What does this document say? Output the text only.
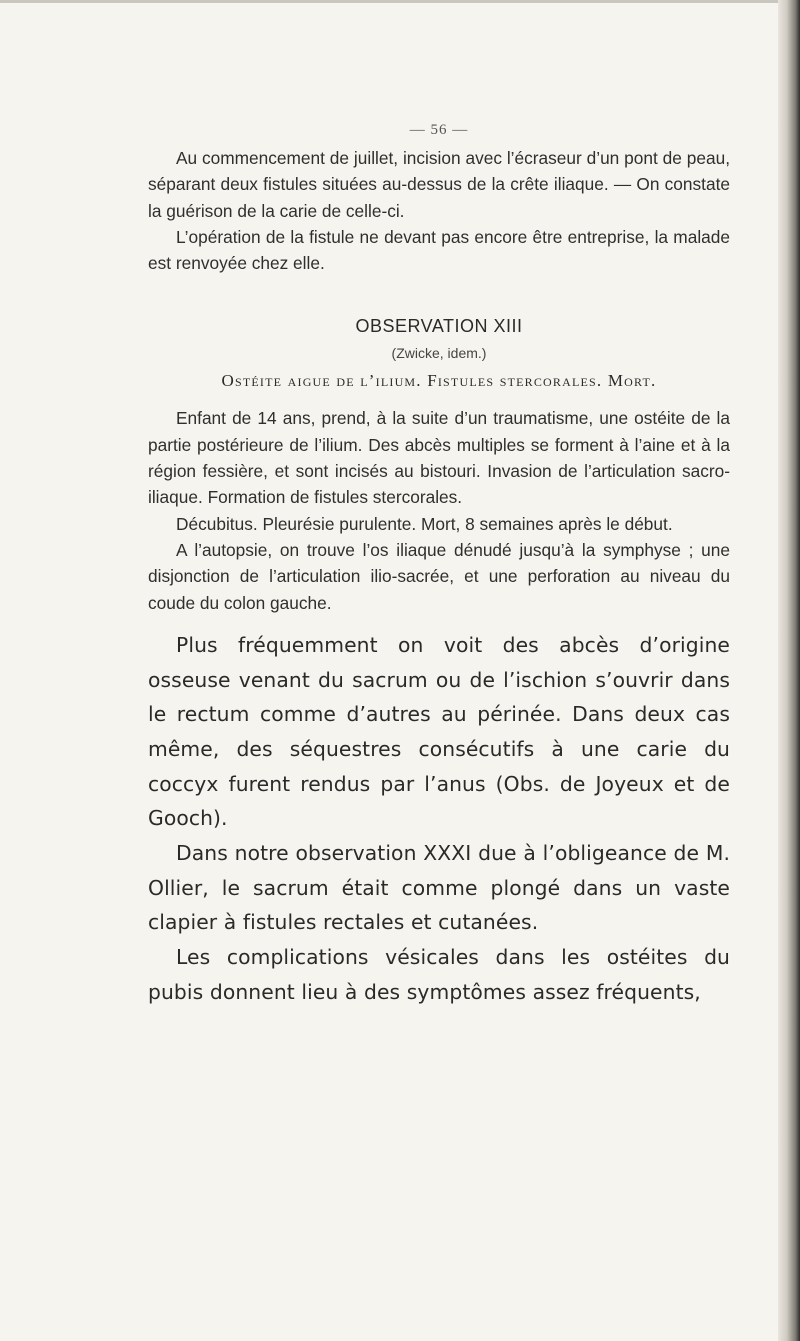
— 56 —

Au commencement de juillet, incision avec l’écraseur d’un pont de peau, séparant deux fistules situées au-dessus de la crête iliaque. — On constate la guérison de la carie de celle-ci.

L’opération de la fistule ne devant pas encore être entreprise, la malade est renvoyée chez elle.

OBSERVATION XIII
(Zwicke, idem.)
Ostéite aigue de l’ilium. Fistules stercorales. Mort.

Enfant de 14 ans, prend, à la suite d’un traumatisme, une ostéite de la partie postérieure de l’ilium. Des abcès multiples se forment à l’aine et à la région fessière, et sont incisés au bistouri. Invasion de l’articulation sacro-iliaque. Formation de fistules stercorales.

Décubitus. Pleurésie purulente. Mort, 8 semaines après le début.

A l’autopsie, on trouve l’os iliaque dénudé jusqu’à la symphyse ; une disjonction de l’articulation ilio-sacrée, et une perforation au niveau du coude du colon gauche.

Plus fréquemment on voit des abcès d’origine osseuse venant du sacrum ou de l’ischion s’ouvrir dans le rectum comme d’autres au périnée. Dans deux cas même, des séquestres consécutifs à une carie du coccyx furent rendus par l’anus (Obs. de Joyeux et de Gooch).

Dans notre observation XXXI due à l’obligeance de M. Ollier, le sacrum était comme plongé dans un vaste clapier à fistules rectales et cutanées.

Les complications vésicales dans les ostéites du pubis donnent lieu à des symptômes assez fréquents,
